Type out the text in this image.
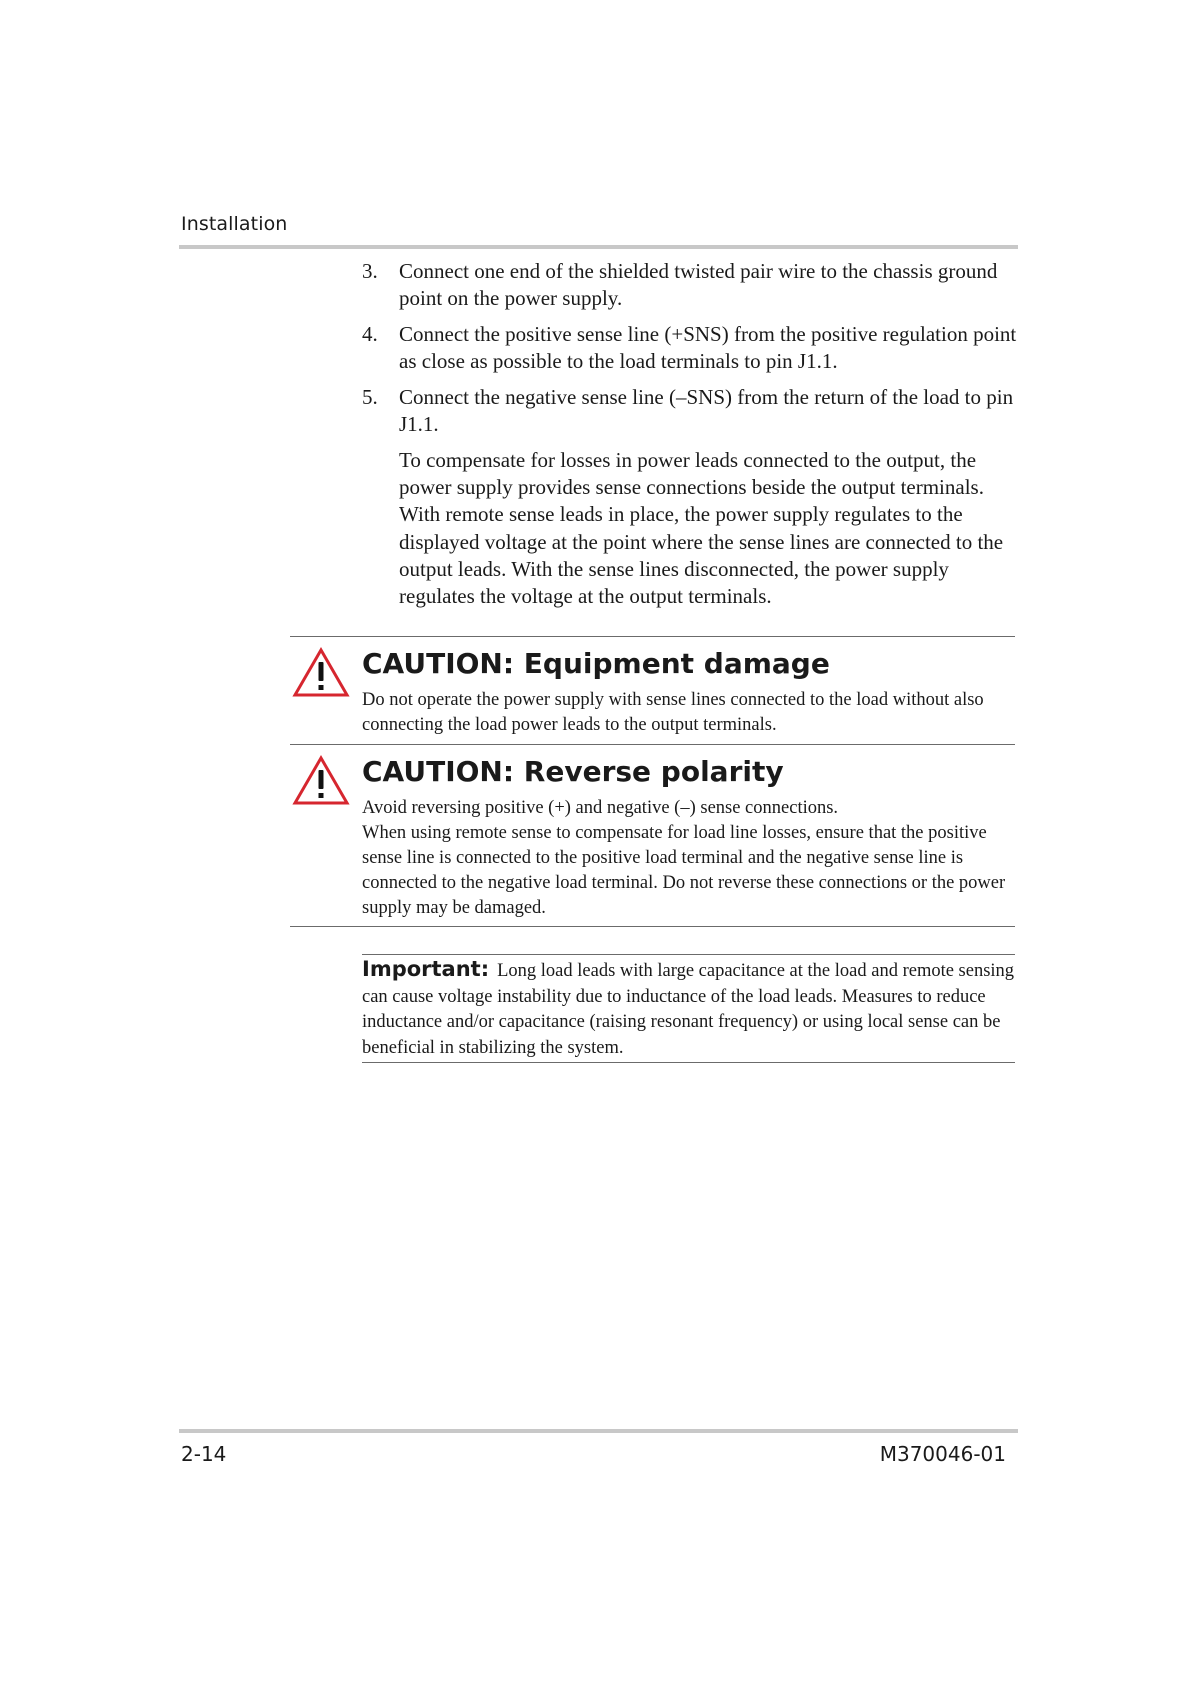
Installation
3.	Connect one end of the shielded twisted pair wire to the chassis ground point on the power supply.
4.	Connect the positive sense line (+SNS) from the positive regulation point as close as possible to the load terminals to pin J1.1.
5.	Connect the negative sense line (–SNS) from the return of the load to pin J1.1.
To compensate for losses in power leads connected to the output, the power supply provides sense connections beside the output terminals. With remote sense leads in place, the power supply regulates to the displayed voltage at the point where the sense lines are connected to the output leads. With the sense lines disconnected, the power supply regulates the voltage at the output terminals.
CAUTION: Equipment damage

Do not operate the power supply with sense lines connected to the load without also connecting the load power leads to the output terminals.

CAUTION: Reverse polarity

Avoid reversing positive (+) and negative (–) sense connections.

When using remote sense to compensate for load line losses, ensure that the positive sense line is connected to the positive load terminal and the negative sense line is connected to the negative load terminal. Do not reverse these connections or the power supply may be damaged.

Important: Long load leads with large capacitance at the load and remote sensing can cause voltage instability due to inductance of the load leads. Measures to reduce inductance and/or capacitance (raising resonant frequency) or using local sense can be beneficial in stabilizing the system.
2-14	M370046-01
